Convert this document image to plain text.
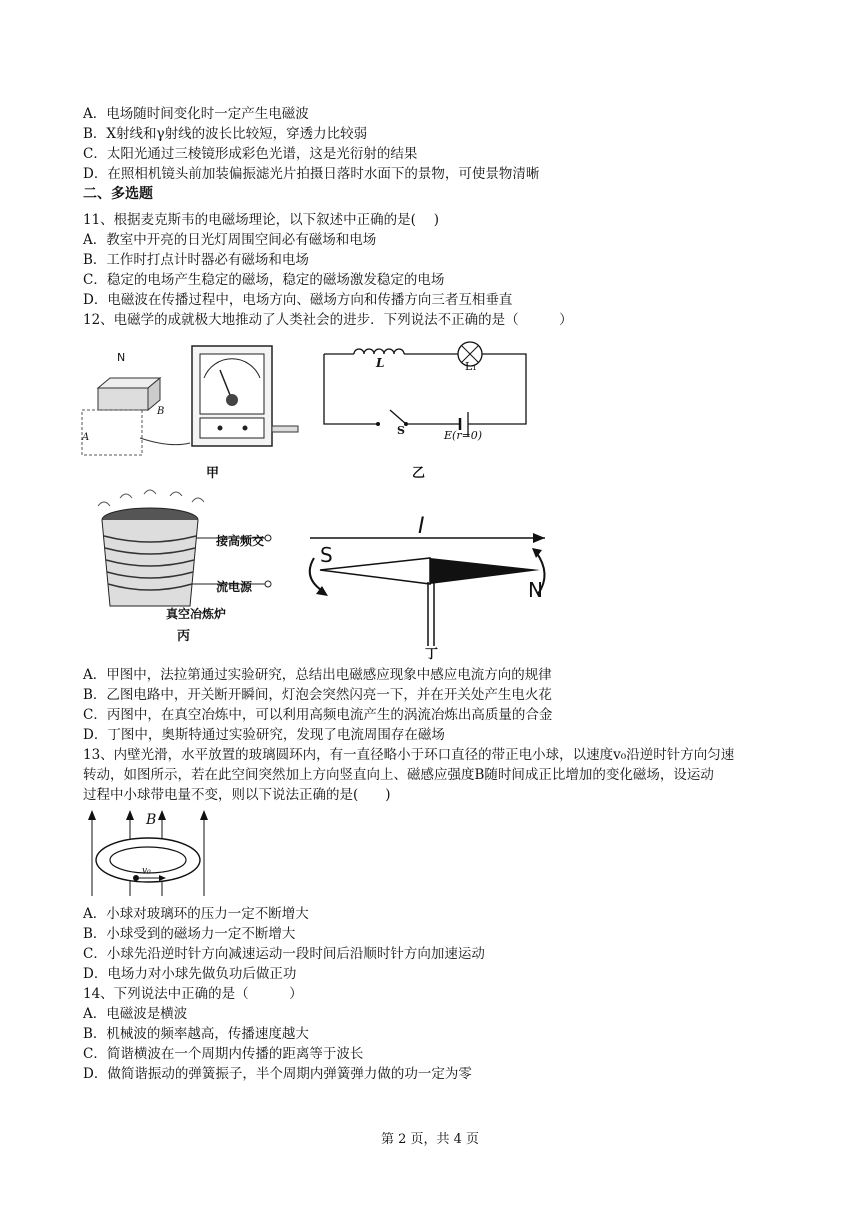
A．电场随时间变化时一定产生电磁波
B．X射线和γ射线的波长比较短，穿透力比较弱
C．太阳光通过三棱镜形成彩色光谱，这是光衍射的结果
D．在照相机镜头前加装偏振滤光片拍摄日落时水面下的景物，可使景物清晰
二、多选题
11、根据麦克斯韦的电磁场理论，以下叙述中正确的是(　 )
A．教室中开亮的日光灯周围空间必有磁场和电场
B．工作时打点计时器必有磁场和电场
C．稳定的电场产生稳定的磁场，稳定的磁场激发稳定的电场
D．电磁波在传播过程中，电场方向、磁场方向和传播方向三者互相垂直
12、电磁学的成就极大地推动了人类社会的进步．下列说法不正确的是（　　　）
N
A
B
甲
L	L₁
S	E(r=0)
乙
接高频交
流电源
真空冶炼炉
丙
I
S
N
丁
A．甲图中，法拉第通过实验研究，总结出电磁感应现象中感应电流方向的规律
B．乙图电路中，开关断开瞬间，灯泡会突然闪亮一下，并在开关处产生电火花
C．丙图中，在真空冶炼中，可以利用高频电流产生的涡流冶炼出高质量的合金
D．丁图中，奥斯特通过实验研究，发现了电流周围存在磁场
13、内壁光滑，水平放置的玻璃圆环内，有一直径略小于环口直径的带正电小球，以速度v₀沿逆时针方向匀速
转动，如图所示，若在此空间突然加上方向竖直向上、磁感应强度B随时间成正比增加的变化磁场，设运动
过程中小球带电量不变，则以下说法正确的是(　　)
B
v₀
A．小球对玻璃环的压力一定不断增大
B．小球受到的磁场力一定不断增大
C．小球先沿逆时针方向减速运动一段时间后沿顺时针方向加速运动
D．电场力对小球先做负功后做正功
14、下列说法中正确的是（　　　）
A．电磁波是横波
B．机械波的频率越高，传播速度越大
C．简谐横波在一个周期内传播的距离等于波长
D．做简谐振动的弹簧振子，半个周期内弹簧弹力做的功一定为零
第 2 页，共 4 页
